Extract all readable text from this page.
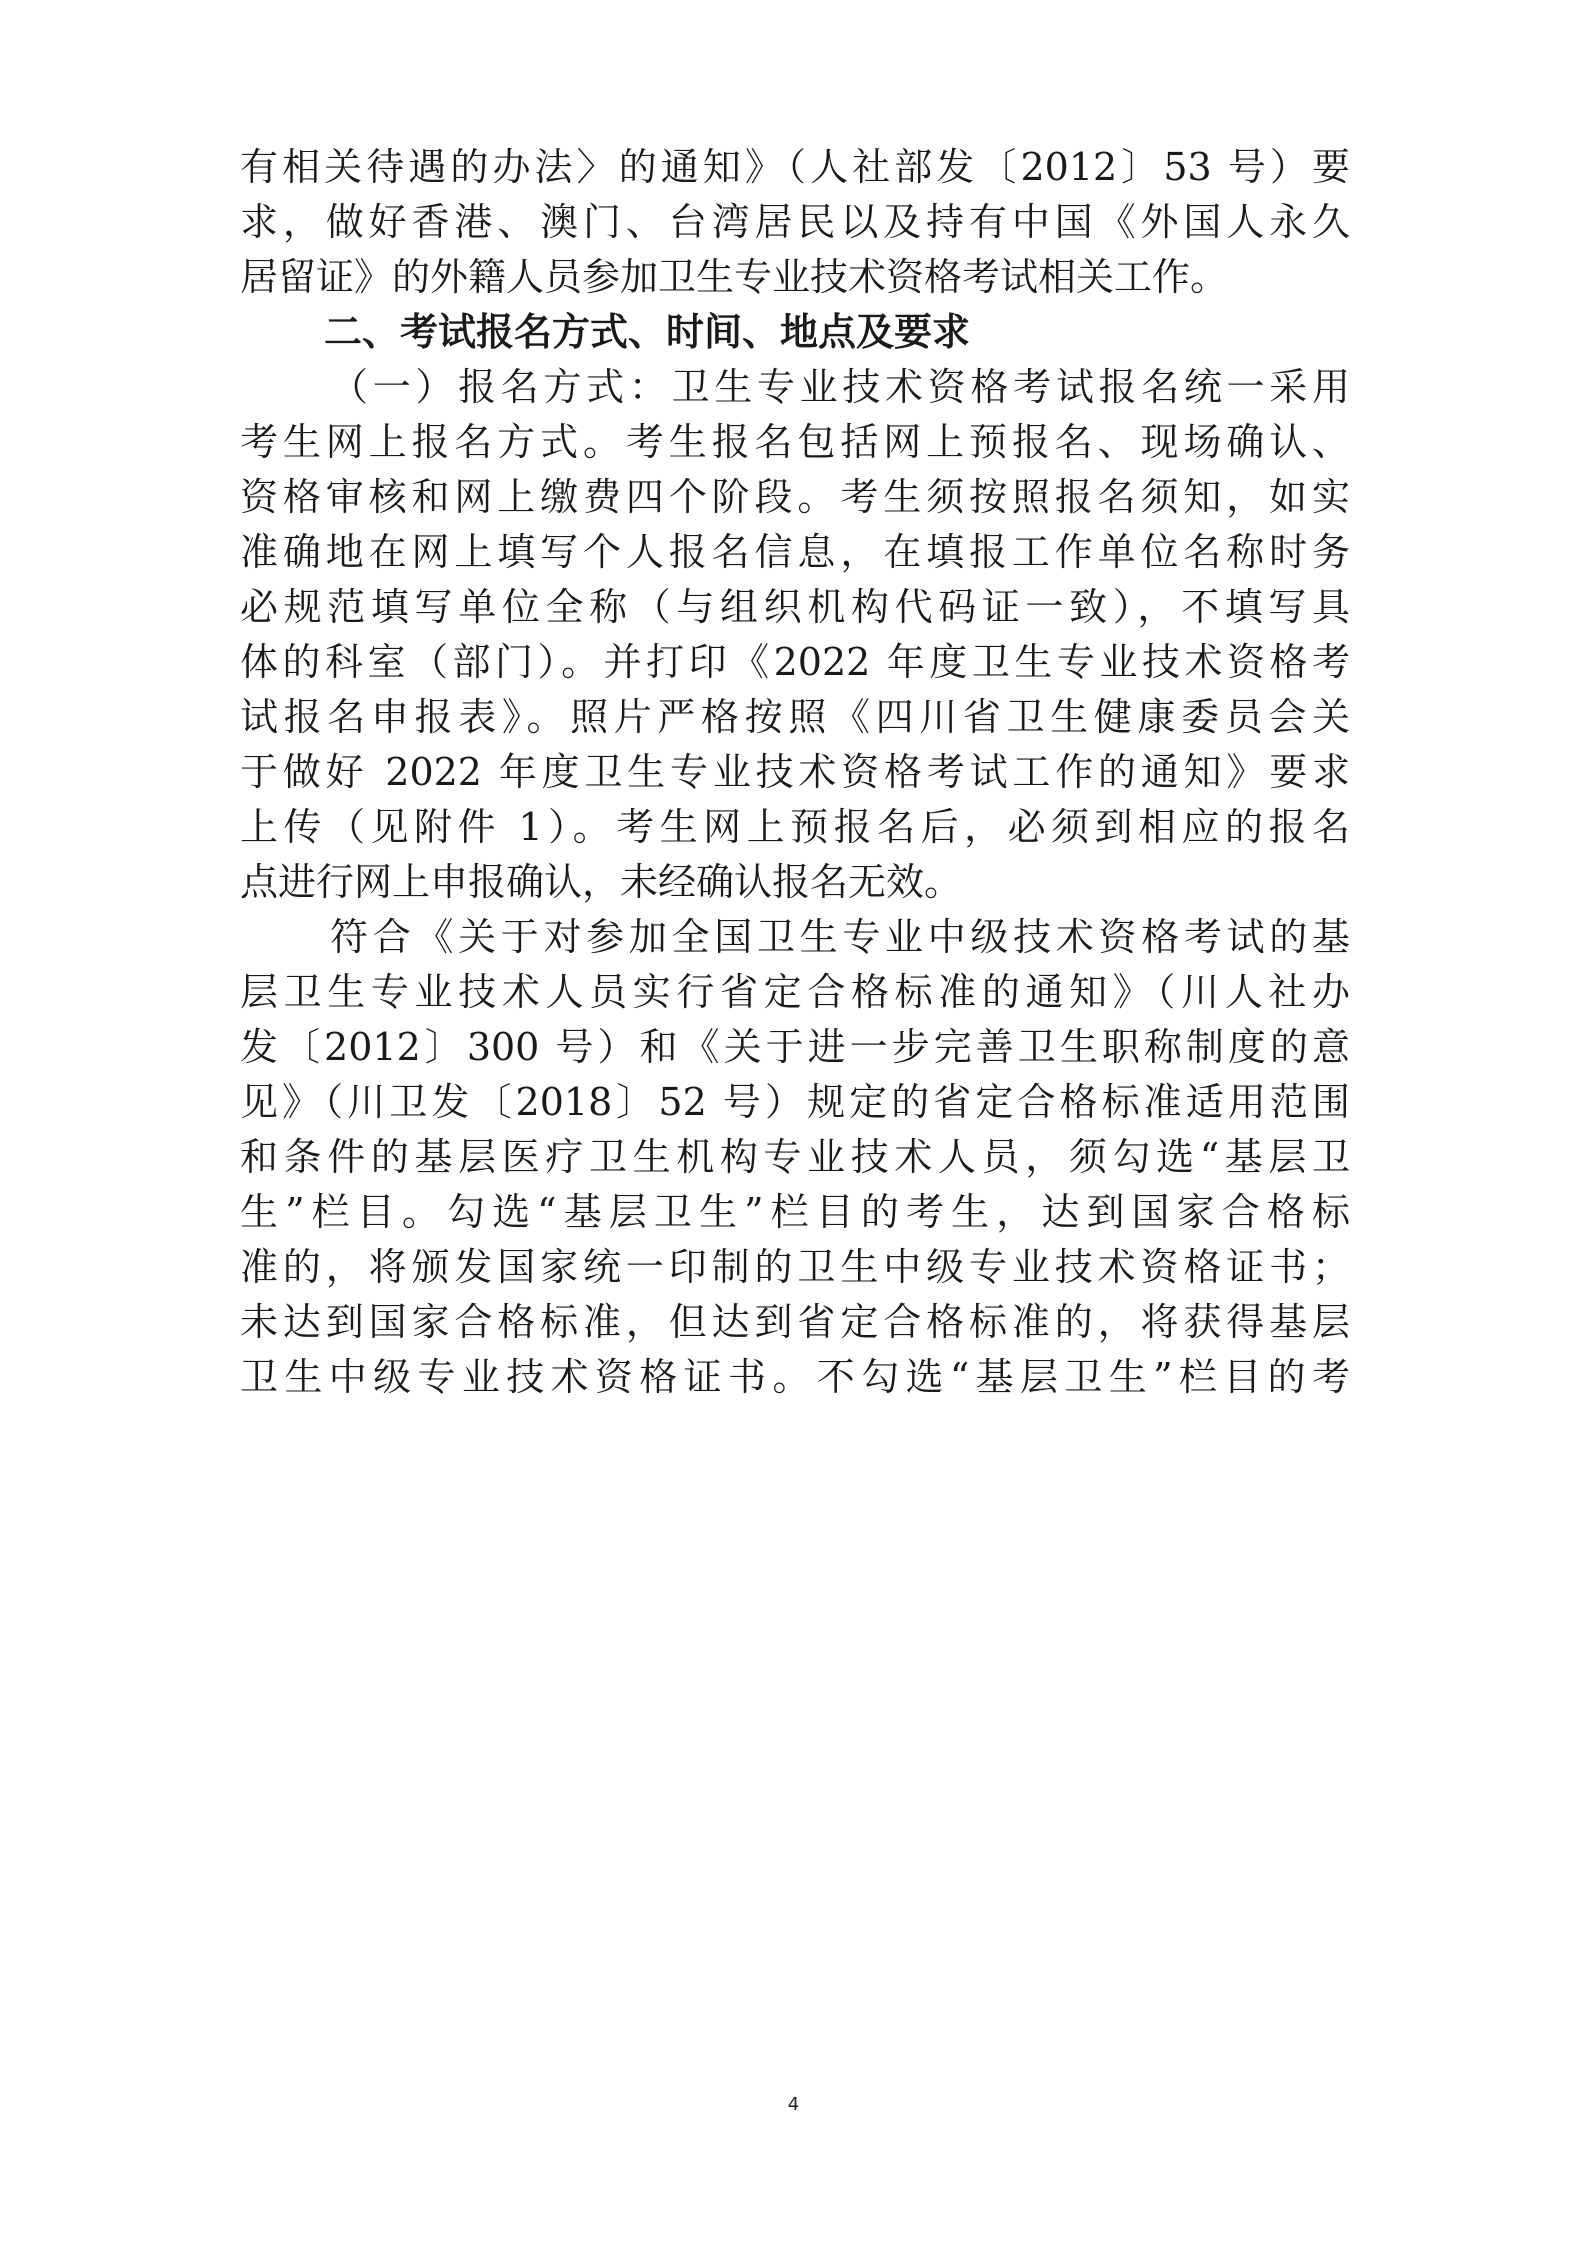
有相关待遇的办法〉的通知》（人社部发〔2012〕53 号）要
求，做好香港、澳门、台湾居民以及持有中国《外国人永久
居留证》的外籍人员参加卫生专业技术资格考试相关工作。
二、考试报名方式、时间、地点及要求
（一）报名方式：卫生专业技术资格考试报名统一采用
考生网上报名方式。考生报名包括网上预报名、现场确认、
资格审核和网上缴费四个阶段。考生须按照报名须知，如实
准确地在网上填写个人报名信息，在填报工作单位名称时务
必规范填写单位全称（与组织机构代码证一致），不填写具
体的科室（部门）。并打印《2022 年度卫生专业技术资格考
试报名申报表》。照片严格按照《四川省卫生健康委员会关
于做好 2022 年度卫生专业技术资格考试工作的通知》要求
上传（见附件 1）。考生网上预报名后，必须到相应的报名
点进行网上申报确认，未经确认报名无效。
符合《关于对参加全国卫生专业中级技术资格考试的基
层卫生专业技术人员实行省定合格标准的通知》（川人社办
发〔2012〕300 号）和《关于进一步完善卫生职称制度的意
见》（川卫发〔2018〕52 号）规定的省定合格标准适用范围
和条件的基层医疗卫生机构专业技术人员，须勾选“基层卫
生”栏目。勾选“基层卫生”栏目的考生，达到国家合格标
准的，将颁发国家统一印制的卫生中级专业技术资格证书；
未达到国家合格标准，但达到省定合格标准的，将获得基层
卫生中级专业技术资格证书。不勾选“基层卫生”栏目的考
4
